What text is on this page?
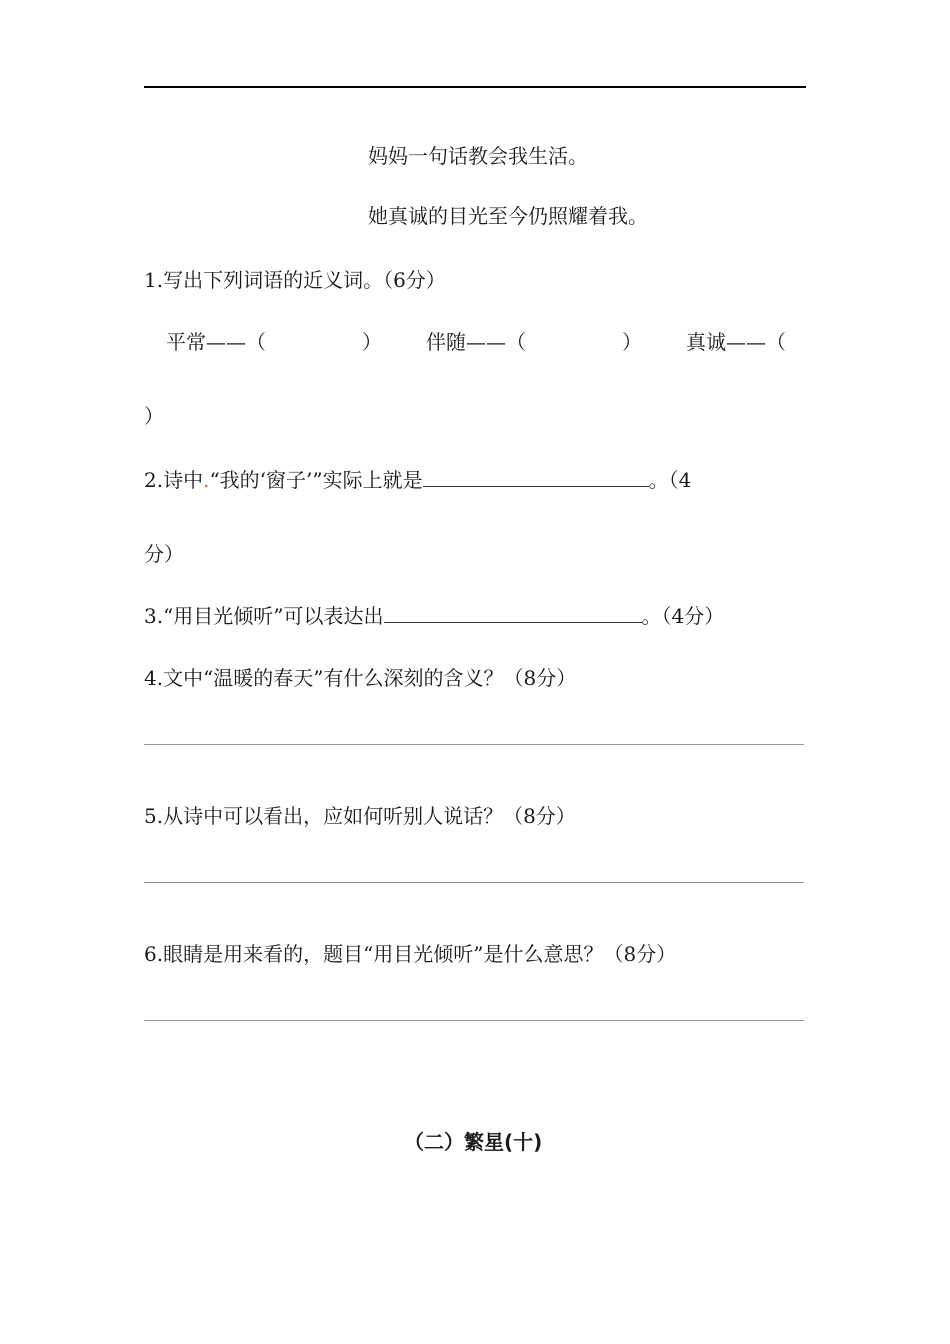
妈妈一句话教会我生活。
她真诚的目光至今仍照耀着我。
1.写出下列词语的近义词。（6分）
平常——（	） 伴随——（	） 真诚——（
）
2.诗中.“我的‘窗子’”实际上就是	。（4
分）
3.“用目光倾听”可以表达出	。（4分）
4.文中“温暖的春天”有什么深刻的含义？（8分）
5.从诗中可以看出，应如何听别人说话？（8分）
6.眼睛是用来看的，题目“用目光倾听”是什么意思？（8分）
（二）繁星(十)
